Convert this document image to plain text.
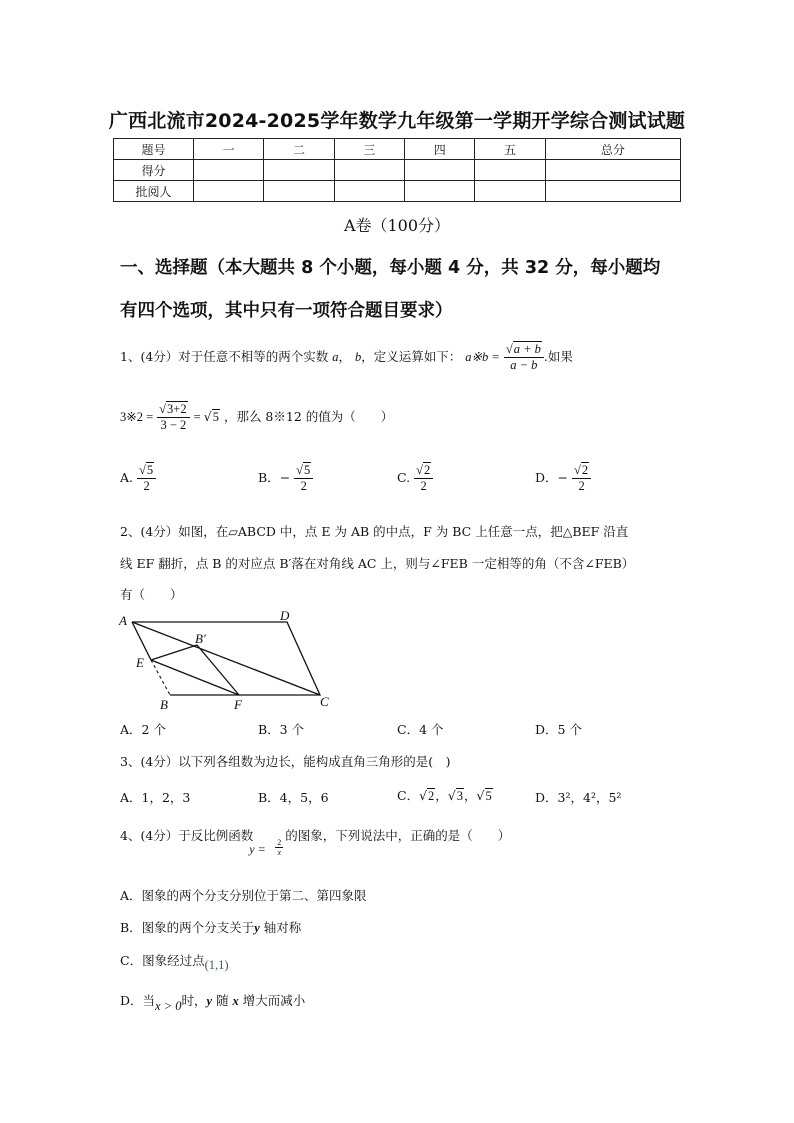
广西北流市2024-2025学年数学九年级第一学期开学综合测试试题
题号	一	二	三	四	五	总分
得分						
批阅人						
A卷（100分）
一、选择题（本大题共 8 个小题，每小题 4 分，共 32 分，每小题均
有四个选项，其中只有一项符合题目要求）
1、(4分）对于任意不相等的两个实数 a， b，定义运算如下： a※b = $\frac{√a + b}{a - b}$ .如果
3※2 = $\frac{√3+2}{3 - 2} = √5$ ，那么 8※12 的值为（　　）
A. $\frac{√5}{2}$	B．− $\frac{√5}{2}$	C. $\frac{√2}{2}$	D．− $\frac{√2}{2}$
2、(4分）如图，在▱ABCD 中，点 E 为 AB 的中点，F 为 BC 上任意一点，把△BEF 沿直
线 EF 翻折，点 B 的对应点 B′落在对角线 AC 上，则与∠FEB 一定相等的角（不含∠FEB）
有（　　）
A	D
B′
E
B	F	C
A．2 个	B．3 个	C．4 个	D．5 个
3、(4分）以下列各组数为边长，能构成直角三角形的是(　)
A．1，2，3	B．4，5，6	C．√2，√3，√5	D．3²，4²，5²
4、(4分）于反比例函数
$y = \frac{2}{x}$
的图象，下列说法中，正确的是（　　）
A．图象的两个分支分别位于第二、第四象限
B．图象的两个分支关于y 轴对称
C．图象经过点(1,1)
D．当x > 0时，y 随 x 增大而减小
